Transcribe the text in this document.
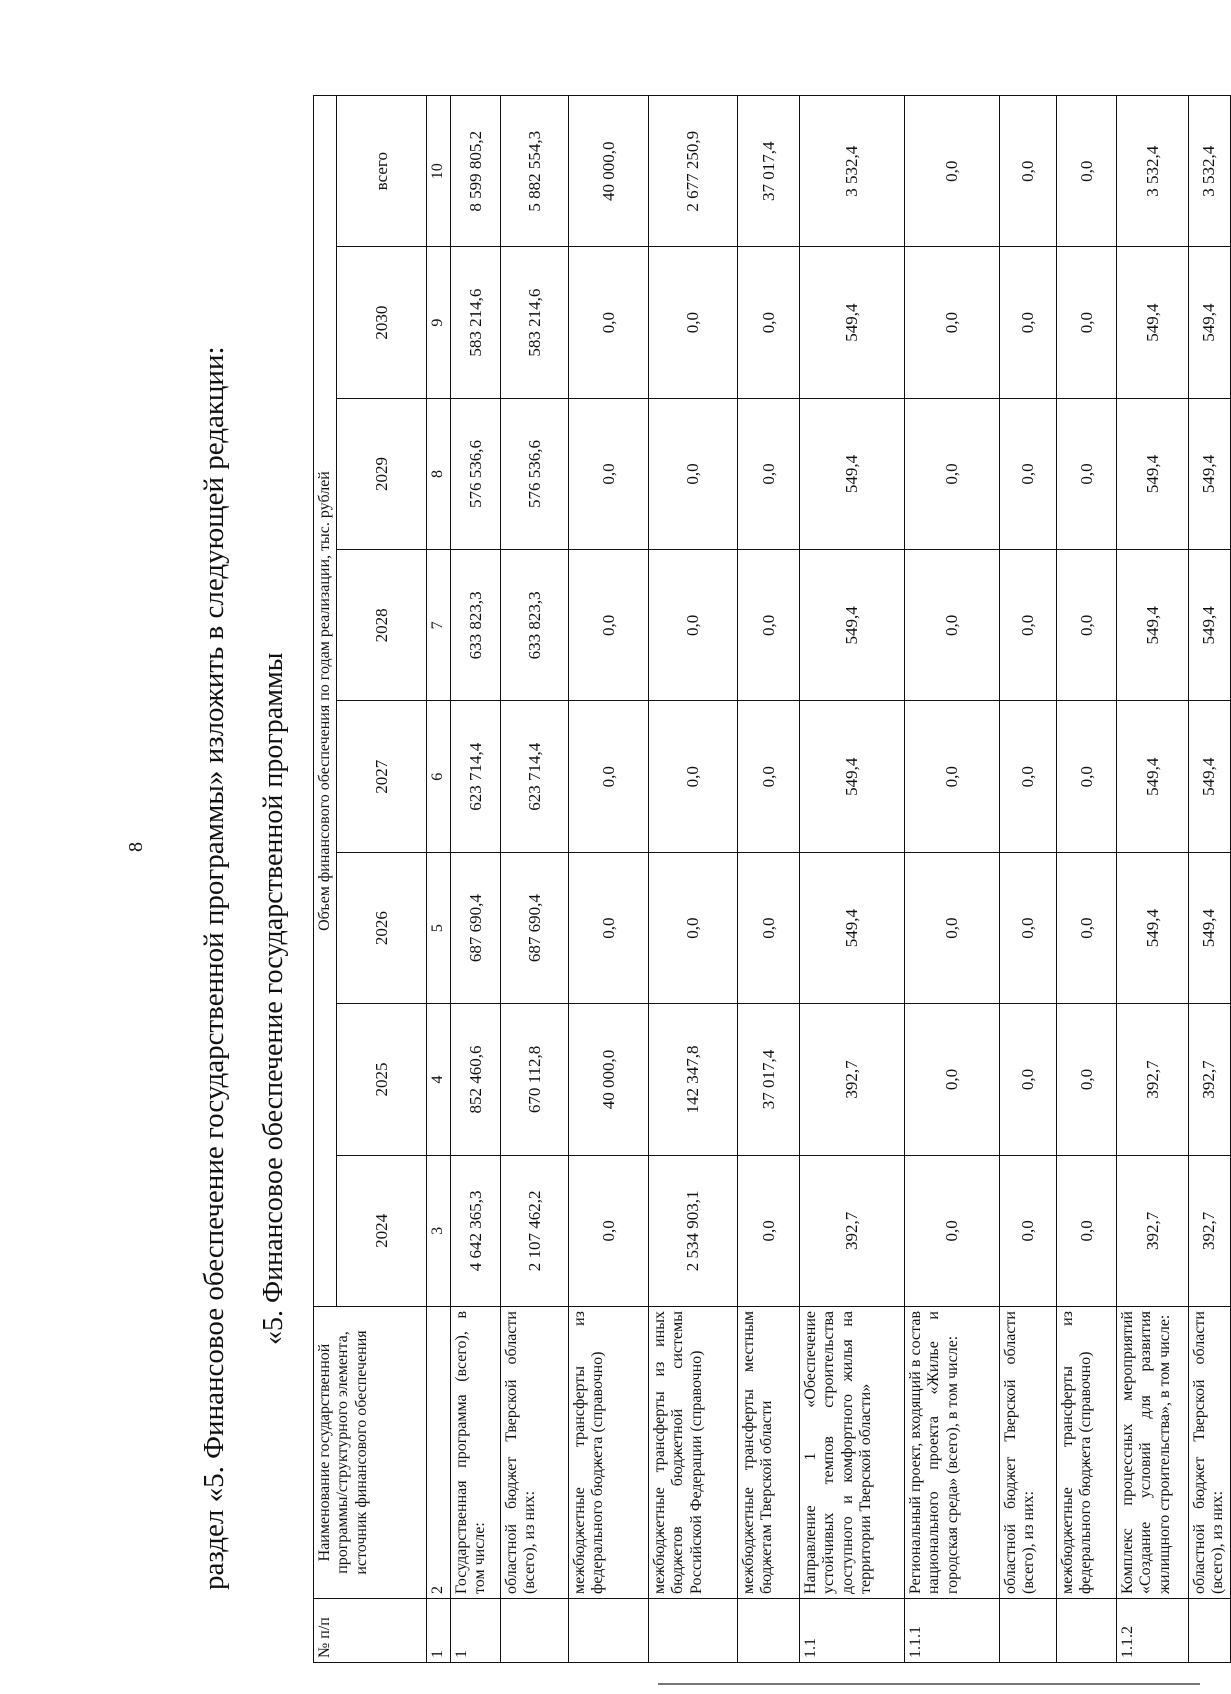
8 раздел «5. Финансовое обеспечение государственной программы» изложить в следующей редакции: «5. Финансовое обеспечение государственной программы
№ п/п	Наименование государственной программы/структурного элемента, источник финансового обеспечения	Объем финансового обеспечения по годам реализации, тыс. рублей							
		2024	2025	2026	2027	2028	2029	2030	всего
1	2	3	4	5	6	7	8	9	10
1	Государственная программа (всего), в том числе:	4 642 365,3	852 460,6	687 690,4	623 714,4	633 823,3	576 536,6	583 214,6	8 599 805,2
	областной бюджет Тверской области (всего), из них:	2 107 462,2	670 112,8	687 690,4	623 714,4	633 823,3	576 536,6	583 214,6	5 882 554,3
	межбюджетные трансферты из федерального бюджета (справочно)	0,0	40 000,0	0,0	0,0	0,0	0,0	0,0	40 000,0
	межбюджетные трансферты из иных бюджетов бюджетной системы Российской Федерации (справочно)	2 534 903,1	142 347,8	0,0	0,0	0,0	0,0	0,0	2 677 250,9
	межбюджетные трансферты местным бюджетам Тверской области	0,0	37 017,4	0,0	0,0	0,0	0,0	0,0	37 017,4
1.1	Направление 1 «Обеспечение устойчивых темпов строительства доступного и комфортного жилья на территории Тверской области»	392,7	392,7	549,4	549,4	549,4	549,4	549,4	3 532,4
1.1.1	Региональный проект, входящий в состав национального проекта «Жилье и городская среда» (всего), в том числе:	0,0	0,0	0,0	0,0	0,0	0,0	0,0	0,0
	областной бюджет Тверской области (всего), из них:	0,0	0,0	0,0	0,0	0,0	0,0	0,0	0,0
	межбюджетные трансферты из федерального бюджета (справочно)	0,0	0,0	0,0	0,0	0,0	0,0	0,0	0,0
1.1.2	Комплекс процессных мероприятий «Создание условий для развития жилищного строительства», в том числе:	392,7	392,7	549,4	549,4	549,4	549,4	549,4	3 532,4
	областной бюджет Тверской области (всего), из них:	392,7	392,7	549,4	549,4	549,4	549,4	549,4	3 532,4
